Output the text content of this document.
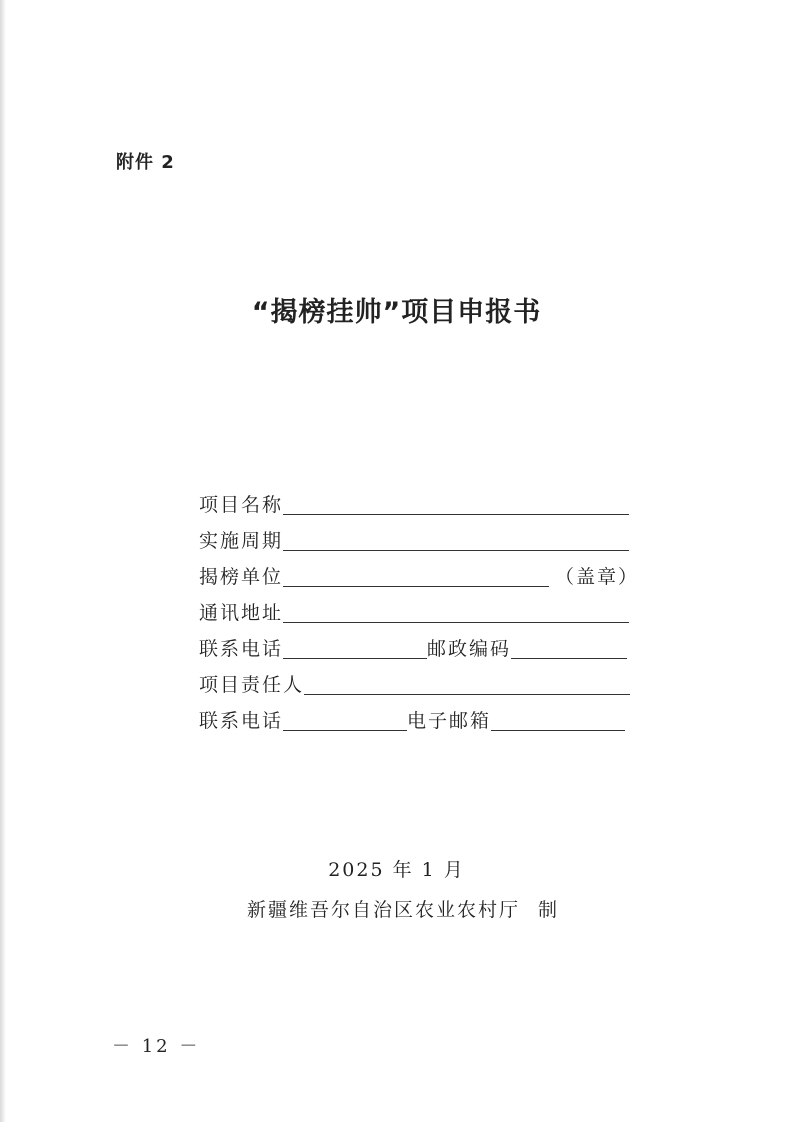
附件 2
“揭榜挂帅”项目申报书
项目名称
实施周期
揭榜单位	（盖章）
通讯地址
联系电话	邮政编码
项目责任人
联系电话	电子邮箱
2025 年 1 月
新疆维吾尔自治区农业农村厅 制
－ 12 －
